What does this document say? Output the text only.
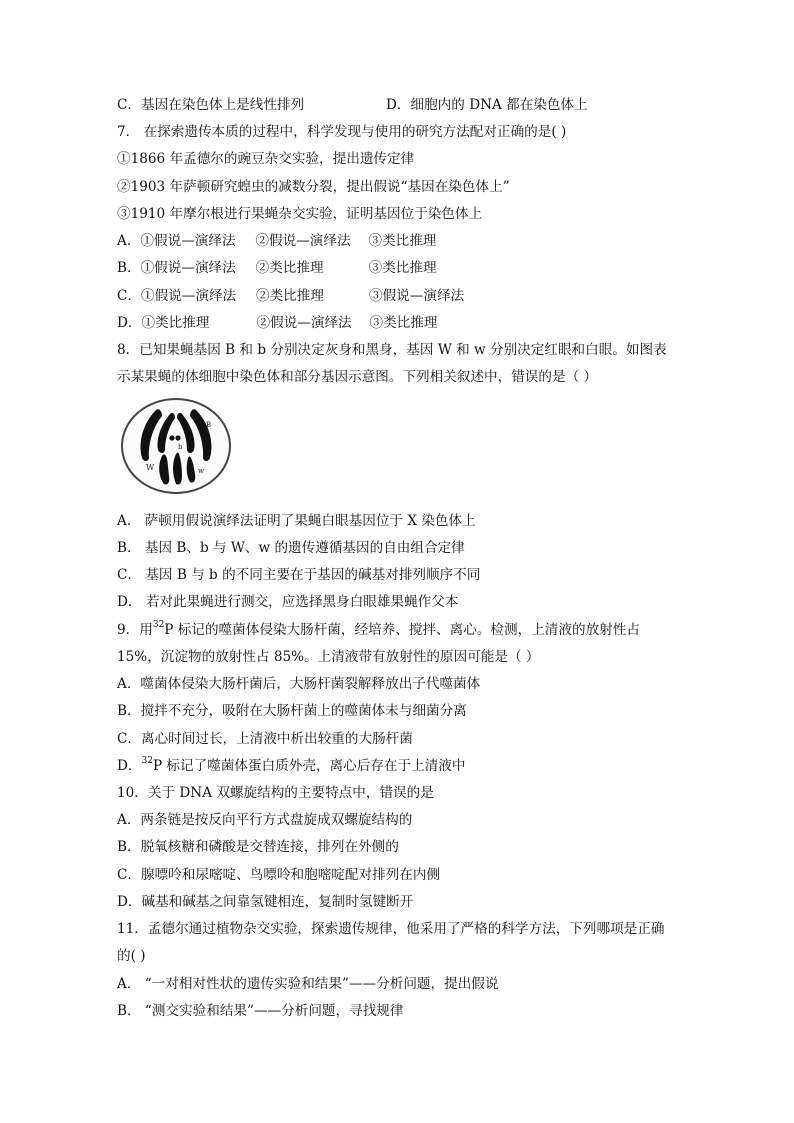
C．基因在染色体上是线性排列	D．细胞内的 DNA 都在染色体上
7． 在探索遗传本质的过程中，科学发现与使用的研究方法配对正确的是( )
①1866 年孟德尔的豌豆杂交实验，提出遗传定律
②1903 年萨顿研究蝗虫的减数分裂，提出假说“基因在染色体上”
③1910 年摩尔根进行果蝇杂交实验，证明基因位于染色体上
A．①假说—演绎法 ②假说—演绎法 ③类比推理
B．①假说—演绎法 ②类比推理	③类比推理
C．①假说—演绎法 ②类比推理	③假说—演绎法
D．①类比推理	②假说—演绎法 ③类比推理
8．已知果蝇基因 B 和 b 分别决定灰身和黑身，基因 W 和 w 分别决定红眼和白眼。如图表
示某果蝇的体细胞中染色体和部分基因示意图。下列相关叙述中，错误的是（ ）
B
b
W	w
A． 萨顿用假说演绎法证明了果蝇白眼基因位于 X 染色体上
B． 基因 B、b 与 W、w 的遗传遵循基因的自由组合定律
C． 基因 B 与 b 的不同主要在于基因的碱基对排列顺序不同
D． 若对此果蝇进行测交，应选择黑身白眼雄果蝇作父本
9．用$^{32}$P 标记的噬菌体侵染大肠杆菌，经培养、搅拌、离心。检测，上清液的放射性占
15%，沉淀物的放射性占 85%。上清液带有放射性的原因可能是（ ）
A．噬菌体侵染大肠杆菌后，大肠杆菌裂解释放出子代噬菌体
B．搅拌不充分，吸附在大肠杆菌上的噬菌体未与细菌分离
C．离心时间过长，上清液中析出较重的大肠杆菌
D．$^{32}$P 标记了噬菌体蛋白质外壳，离心后存在于上清液中
10．关于 DNA 双螺旋结构的主要特点中，错误的是
A．两条链是按反向平行方式盘旋成双螺旋结构的
B．脱氧核糖和磷酸是交替连接，排列在外侧的
C．腺嘌呤和尿嘧啶、鸟嘌呤和胞嘧啶配对排列在内侧
D．碱基和碱基之间靠氢键相连，复制时氢键断开
11．孟德尔通过植物杂交实验，探索遗传规律，他采用了严格的科学方法，下列哪项是正确
的( )
A． “一对相对性状的遗传实验和结果”——分析问题，提出假说
B． “测交实验和结果”——分析问题，寻找规律
